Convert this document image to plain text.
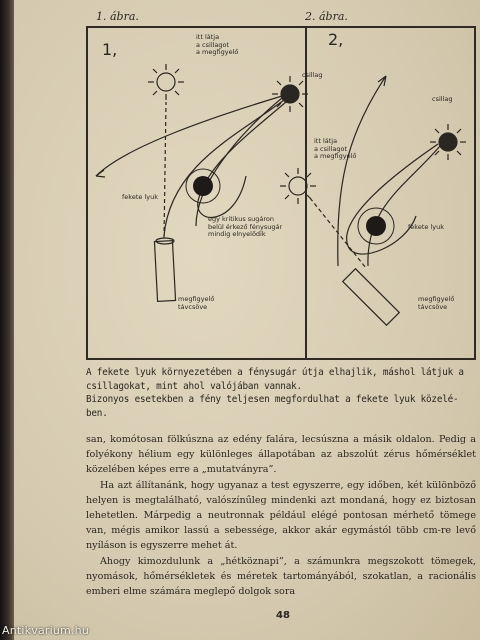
1. ábra.	2. ábra.
1,
2,
itt látja
a csillagot
a megfigyelő
csillag
fekete lyuk
egy kritikus sugáron
belül érkező fénysugár
mindig elnyelődik
megfigyelő
távcsöve
csillag
itt látja
a csillagot
a megfigyelő
fekete lyuk
megfigyelő
távcsöve
A fekete lyuk környezetében a fénysugár útja elhajlik, máshol látjuk a
csillagokat, mint ahol valójában vannak.
Bizonyos esetekben a fény teljesen megfordulhat a fekete lyuk közelé-
ben.

san, komótosan fölkúszna az edény falára, lecsúszna a másik oldalon. Pedig a folyékony hélium egy különleges állapotában az abszolút zérus hőmérséklet közelében képes erre a „mutatványra”.

Ha azt állítanánk, hogy ugyanaz a test egyszerre, egy időben, két különböző helyen is megtalálható, valószínűleg mindenki azt mondaná, hogy ez biztosan lehetetlen. Márpedig a neutronnak például elégé pontosan mérhető tömege van, mégis amikor lassú a sebessége, akkor akár egymástól több cm-re levő nyíláson is egyszerre mehet át.

Ahogy kimozdulunk a „hétköznapi”, a számunkra megszokott tömegek, nyomások, hőmérsékletek és méretek tartományából, szokatlan, a racionális emberi elme számára meglepő dolgok sora

48
Antikvarium.hu
